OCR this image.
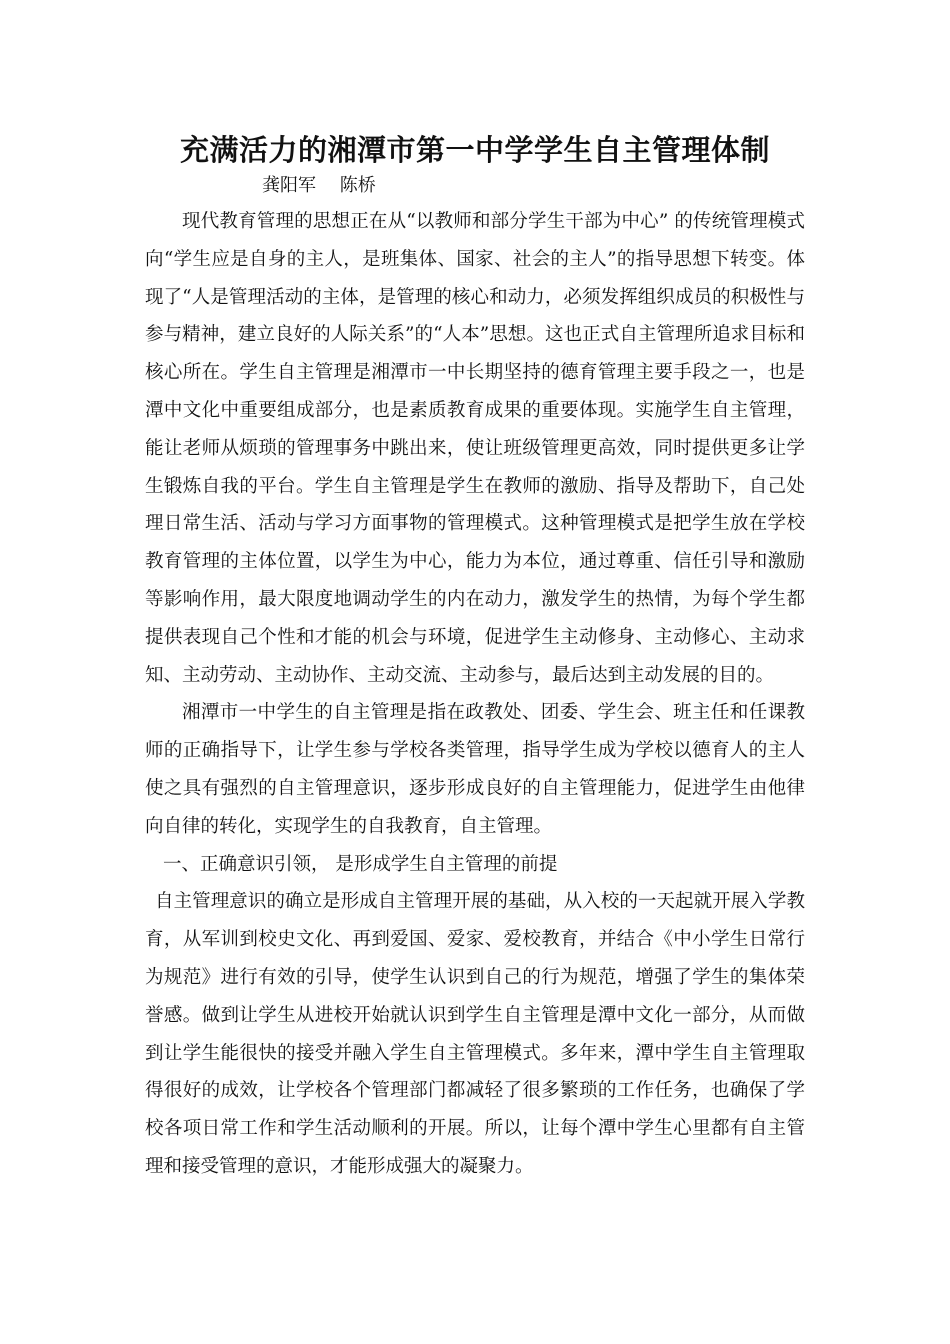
充满活力的湘潭市第一中学学生自主管理体制

龚阳军　 陈桥

现代教育管理的思想正在从“以教师和部分学生干部为中心” 的传统管理模式向“学生应是自身的主人，是班集体、国家、社会的主人”的指导思想下转变。体现了“人是管理活动的主体，是管理的核心和动力，必须发挥组织成员的积极性与参与精神，建立良好的人际关系”的“人本”思想。这也正式自主管理所追求目标和核心所在。学生自主管理是湘潭市一中长期坚持的德育管理主要手段之一，也是潭中文化中重要组成部分，也是素质教育成果的重要体现。实施学生自主管理，能让老师从烦琐的管理事务中跳出来，使让班级管理更高效，同时提供更多让学生锻炼自我的平台。学生自主管理是学生在教师的激励、指导及帮助下，自己处理日常生活、活动与学习方面事物的管理模式。这种管理模式是把学生放在学校教育管理的主体位置，以学生为中心，能力为本位，通过尊重、信任引导和激励等影响作用，最大限度地调动学生的内在动力，激发学生的热情，为每个学生都提供表现自己个性和才能的机会与环境，促进学生主动修身、主动修心、主动求知、主动劳动、主动协作、主动交流、主动参与，最后达到主动发展的目的。

湘潭市一中学生的自主管理是指在政教处、团委、学生会、班主任和任课教师的正确指导下，让学生参与学校各类管理，指导学生成为学校以德育人的主人使之具有强烈的自主管理意识，逐步形成良好的自主管理能力，促进学生由他律向自律的转化，实现学生的自我教育，自主管理。

一、正确意识引领， 是形成学生自主管理的前提

自主管理意识的确立是形成自主管理开展的基础，从入校的一天起就开展入学教育，从军训到校史文化、再到爱国、爱家、爱校教育，并结合《中小学生日常行为规范》进行有效的引导，使学生认识到自己的行为规范，增强了学生的集体荣誉感。做到让学生从进校开始就认识到学生自主管理是潭中文化一部分，从而做到让学生能很快的接受并融入学生自主管理模式。多年来，潭中学生自主管理取得很好的成效，让学校各个管理部门都减轻了很多繁琐的工作任务，也确保了学校各项日常工作和学生活动顺利的开展。所以，让每个潭中学生心里都有自主管理和接受管理的意识，才能形成强大的凝聚力。
